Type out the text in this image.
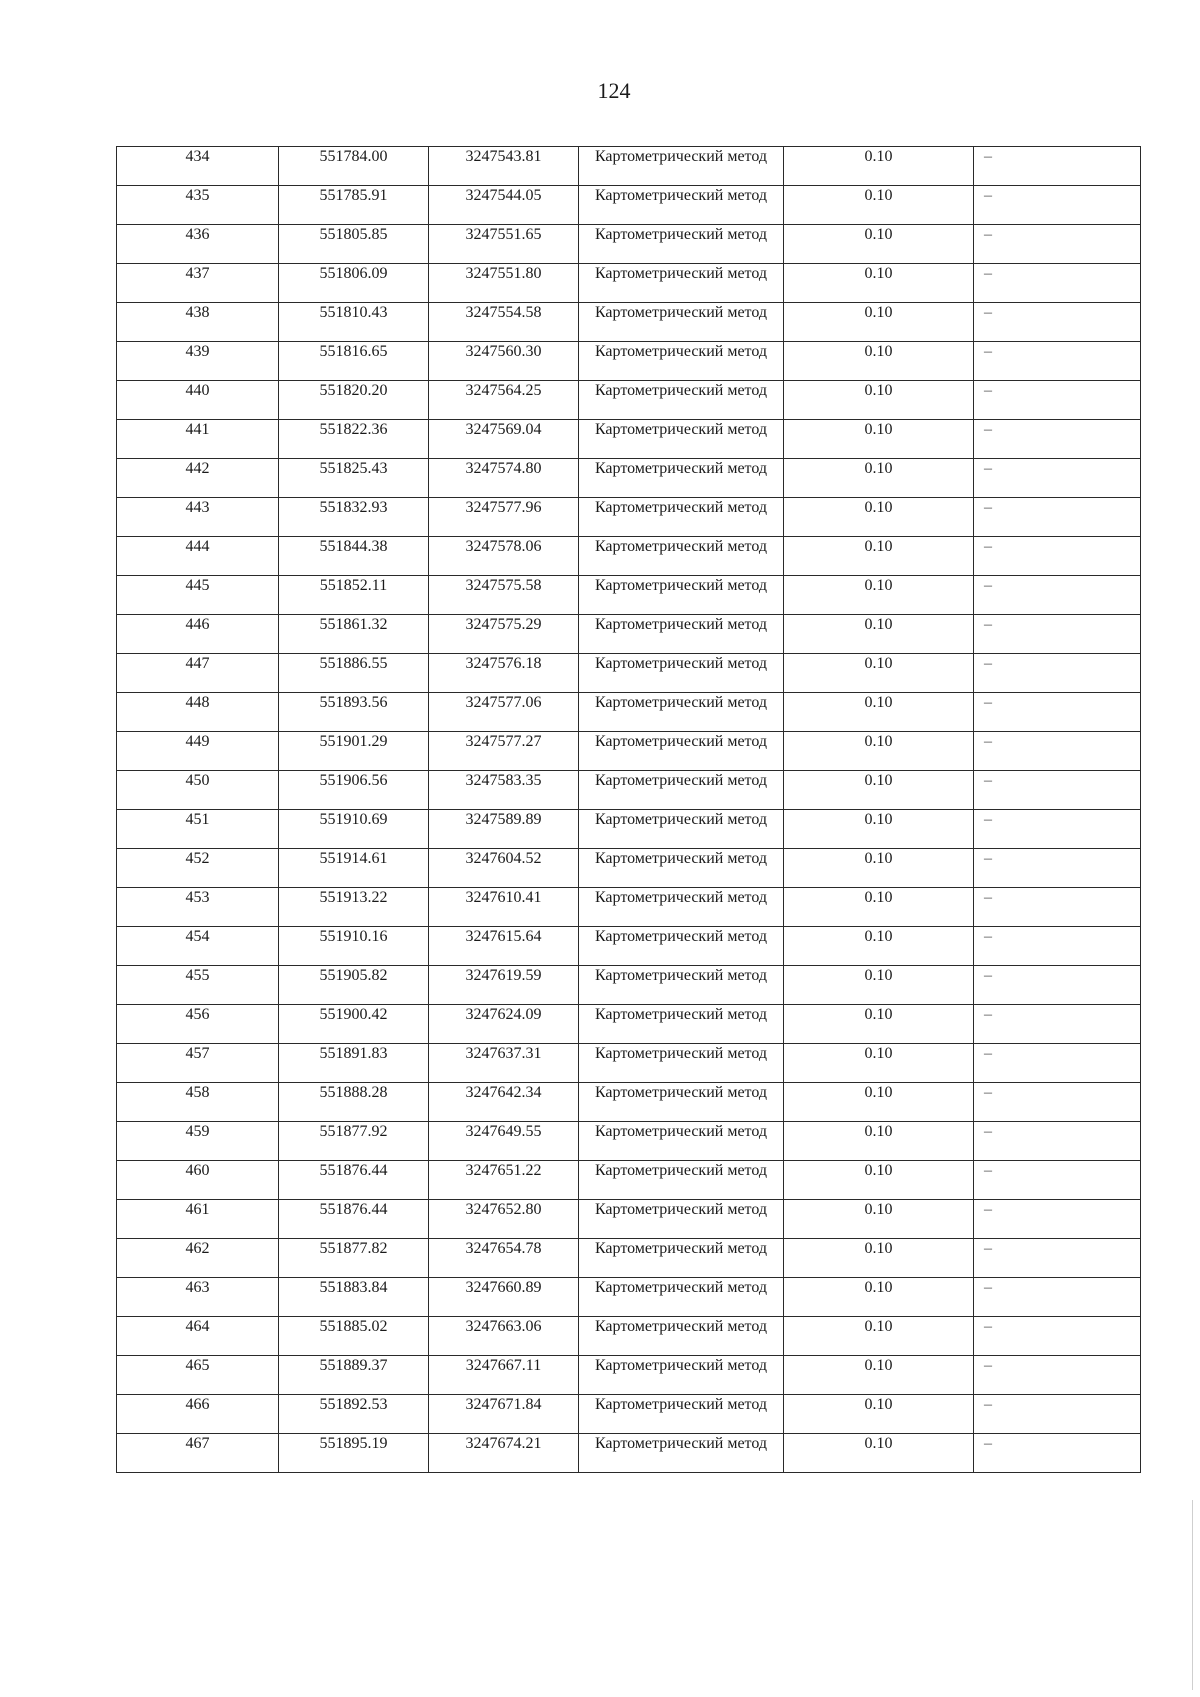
124
434	551784.00	3247543.81	Картометрический метод	0.10	–
435	551785.91	3247544.05	Картометрический метод	0.10	–
436	551805.85	3247551.65	Картометрический метод	0.10	–
437	551806.09	3247551.80	Картометрический метод	0.10	–
438	551810.43	3247554.58	Картометрический метод	0.10	–
439	551816.65	3247560.30	Картометрический метод	0.10	–
440	551820.20	3247564.25	Картометрический метод	0.10	–
441	551822.36	3247569.04	Картометрический метод	0.10	–
442	551825.43	3247574.80	Картометрический метод	0.10	–
443	551832.93	3247577.96	Картометрический метод	0.10	–
444	551844.38	3247578.06	Картометрический метод	0.10	–
445	551852.11	3247575.58	Картометрический метод	0.10	–
446	551861.32	3247575.29	Картометрический метод	0.10	–
447	551886.55	3247576.18	Картометрический метод	0.10	–
448	551893.56	3247577.06	Картометрический метод	0.10	–
449	551901.29	3247577.27	Картометрический метод	0.10	–
450	551906.56	3247583.35	Картометрический метод	0.10	–
451	551910.69	3247589.89	Картометрический метод	0.10	–
452	551914.61	3247604.52	Картометрический метод	0.10	–
453	551913.22	3247610.41	Картометрический метод	0.10	–
454	551910.16	3247615.64	Картометрический метод	0.10	–
455	551905.82	3247619.59	Картометрический метод	0.10	–
456	551900.42	3247624.09	Картометрический метод	0.10	–
457	551891.83	3247637.31	Картометрический метод	0.10	–
458	551888.28	3247642.34	Картометрический метод	0.10	–
459	551877.92	3247649.55	Картометрический метод	0.10	–
460	551876.44	3247651.22	Картометрический метод	0.10	–
461	551876.44	3247652.80	Картометрический метод	0.10	–
462	551877.82	3247654.78	Картометрический метод	0.10	–
463	551883.84	3247660.89	Картометрический метод	0.10	–
464	551885.02	3247663.06	Картометрический метод	0.10	–
465	551889.37	3247667.11	Картометрический метод	0.10	–
466	551892.53	3247671.84	Картометрический метод	0.10	–
467	551895.19	3247674.21	Картометрический метод	0.10	–
